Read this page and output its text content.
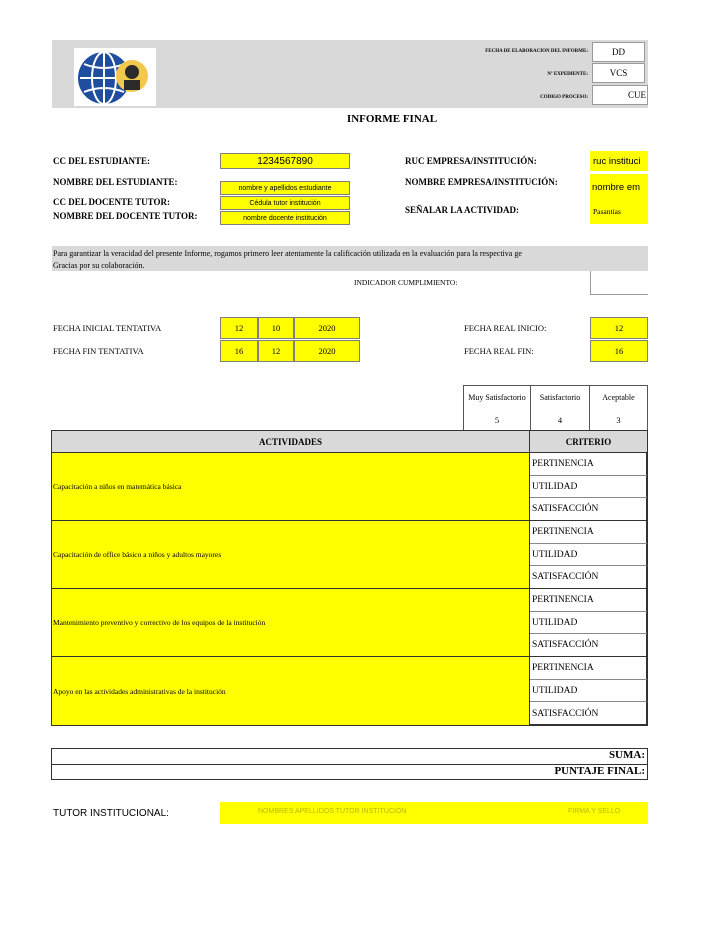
FECHA DE ELABORACION DEL INFORME:	DD
Nº EXPEDIENTE:	VCS
CODIGO PROCESO:	CUE
INFORME FINAL
CC DEL ESTUDIANTE:	1234567890
NOMBRE DEL ESTUDIANTE:
nombre y apellidos estudiante
CC DEL DOCENTE TUTOR:	Cédula tutor institución
NOMBRE DEL DOCENTE TUTOR:	nombre docente institución
RUC EMPRESA/INSTITUCIÓN:	ruc instituci
NOMBRE EMPRESA/INSTITUCIÓN:	nombre em
SEÑALAR LA ACTIVIDAD:	Pasantias
Para garantizar la veracidad del presente Informe, rogamos primero leer atentamente la calificación utilizada en la evaluación para la respectiva ge
Gracias por su colaboración.
INDICADOR CUMPLIMIENTO:
FECHA INICIAL TENTATIVA	12	10	2020
FECHA FIN TENTATIVA	16	12	2020
FECHA REAL INICIO:	12
FECHA REAL FIN:	16
Muy Satisfactorio	Satisfactorio	Aceptable
5	4	3
ACTIVIDADES	CRITERIO
Capacitación a niños en matemática básica
PERTINENCIA
UTILIDAD
SATISFACCIÓN
Capacitación de office básico a niños y adultos mayores
PERTINENCIA
UTILIDAD
SATISFACCIÓN
Mantenimiento preventivo y correctivo de los equipos de la institución
PERTINENCIA
UTILIDAD
SATISFACCIÓN
Apoyo en las actividades administrativas de la institución
PERTINENCIA
UTILIDAD
SATISFACCIÓN
SUMA:
PUNTAJE FINAL:
TUTOR INSTITUCIONAL:	NOMBRES APELLIDOS TUTOR INSTITUCIÓN	FIRMA Y SELLO
